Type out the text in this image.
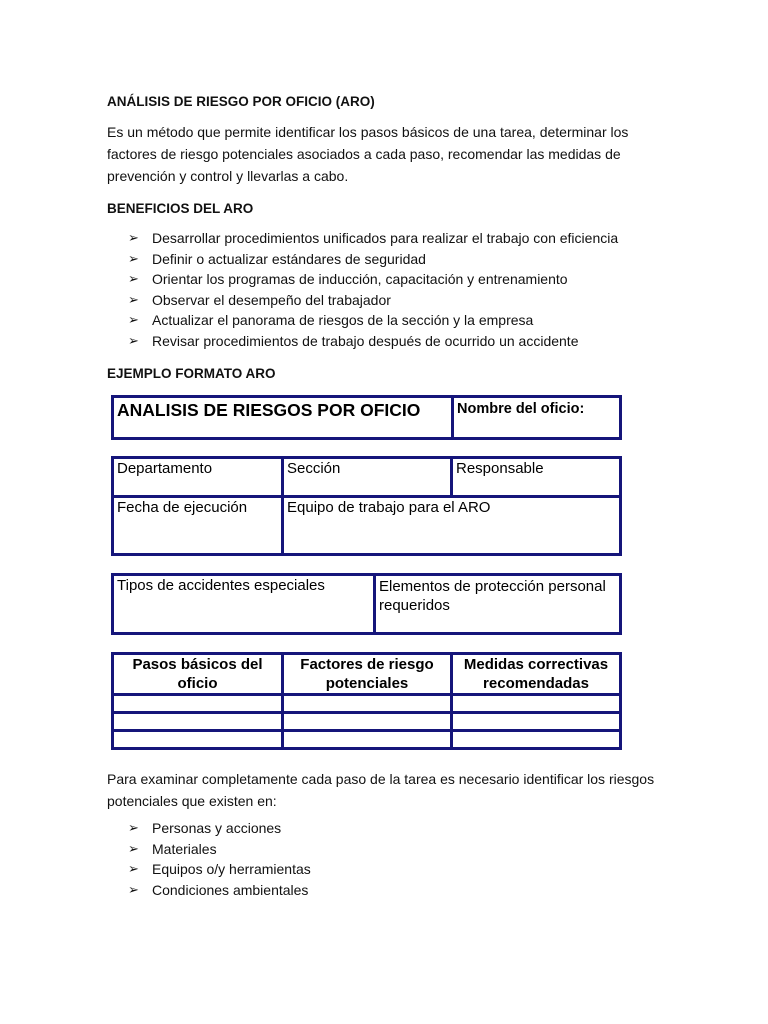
ANÁLISIS DE RIESGO POR OFICIO (ARO)
Es un método que permite identificar los pasos básicos de una tarea, determinar los factores de riesgo potenciales asociados a cada paso, recomendar las medidas de prevención y control y llevarlas a cabo.
BENEFICIOS DEL ARO
➢ Desarrollar procedimientos unificados para realizar el trabajo con eficiencia
➢ Definir o actualizar estándares de seguridad
➢ Orientar los programas de inducción, capacitación y entrenamiento
➢ Observar el desempeño del trabajador
➢ Actualizar el panorama de riesgos de la sección y la empresa
➢ Revisar procedimientos de trabajo después de ocurrido un accidente
EJEMPLO FORMATO ARO
ANALISIS DE RIESGOS POR OFICIO	Nombre del oficio:
Departamento	Sección	Responsable
Fecha de ejecución	Equipo de trabajo para el ARO	
Tipos de accidentes especiales	Elementos de protección personal requeridos
Pasos básicos del oficio	Factores de riesgo potenciales	Medidas correctivas recomendadas

Para examinar completamente cada paso de la tarea es necesario identificar los riesgos potenciales que existen en:
➢ Personas y acciones
➢ Materiales
➢ Equipos o/y herramientas
➢ Condiciones ambientales
